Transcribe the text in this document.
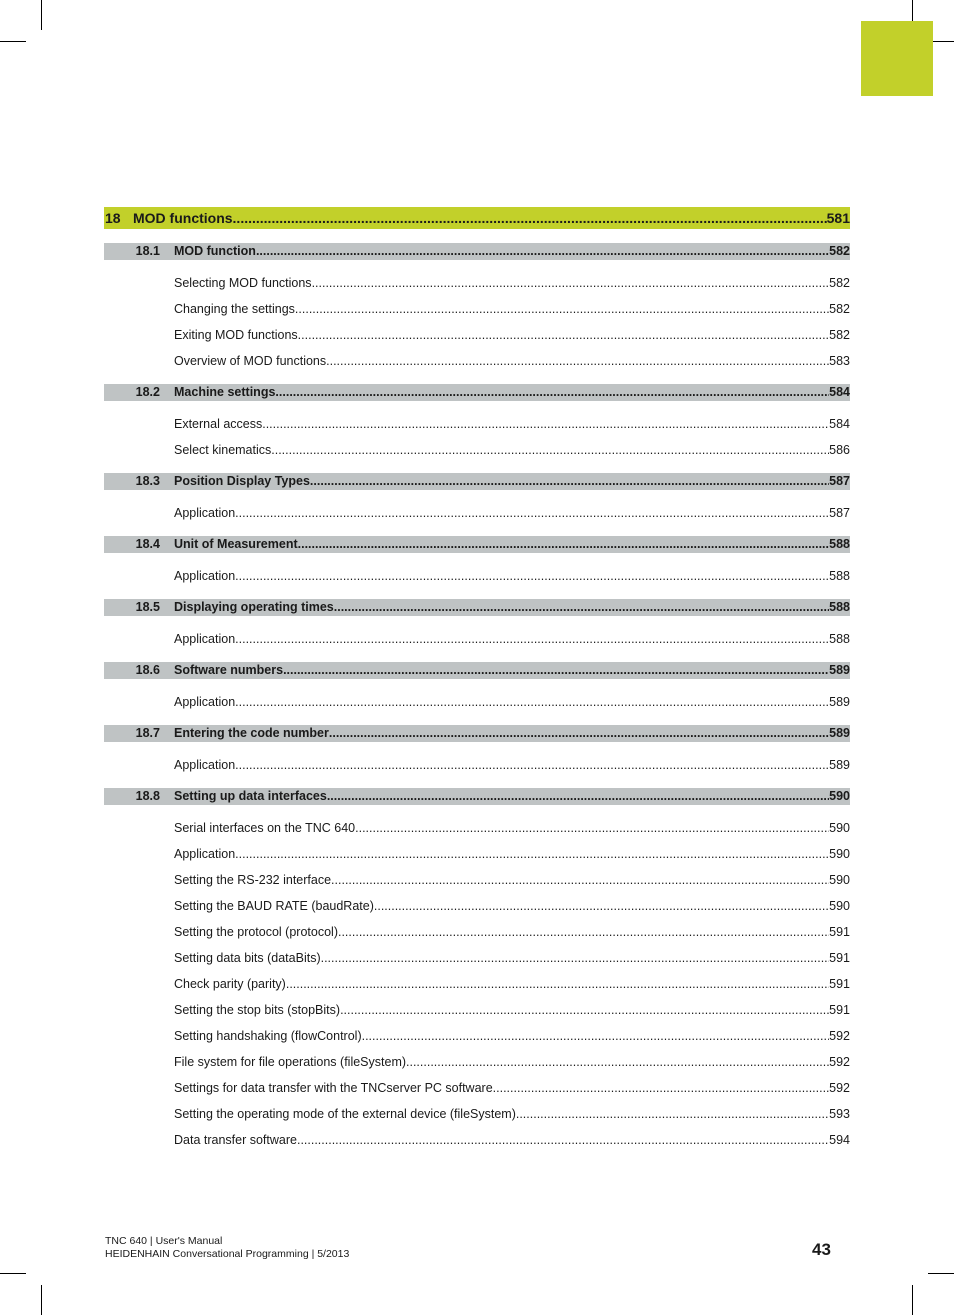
18 MOD functions .....	581
18.1 MOD function .....	582
Selecting MOD functions .....	582
Changing the settings .....	582
Exiting MOD functions .....	582
Overview of MOD functions .....	583
18.2 Machine settings .....	584
External access .....	584
Select kinematics .....	586
18.3 Position Display Types .....	587
Application .....	587
18.4 Unit of Measurement .....	588
Application .....	588
18.5 Displaying operating times .....	588
Application .....	588
18.6 Software numbers .....	589
Application .....	589
18.7 Entering the code number .....	589
Application .....	589
18.8 Setting up data interfaces .....	590
Serial interfaces on the TNC 640 .....	590
Application .....	590
Setting the RS-232 interface .....	590
Setting the BAUD RATE (baudRate) .....	590
Setting the protocol (protocol) .....	591
Setting data bits (dataBits) .....	591
Check parity (parity) .....	591
Setting the stop bits (stopBits) .....	591
Setting handshaking (flowControl) .....	592
File system for file operations (fileSystem) .....	592
Settings for data transfer with the TNCserver PC software .....	592
Setting the operating mode of the external device (fileSystem) .....	593
Data transfer software .....	594
TNC 640 | User's Manual
HEIDENHAIN Conversational Programming | 5/2013	43
